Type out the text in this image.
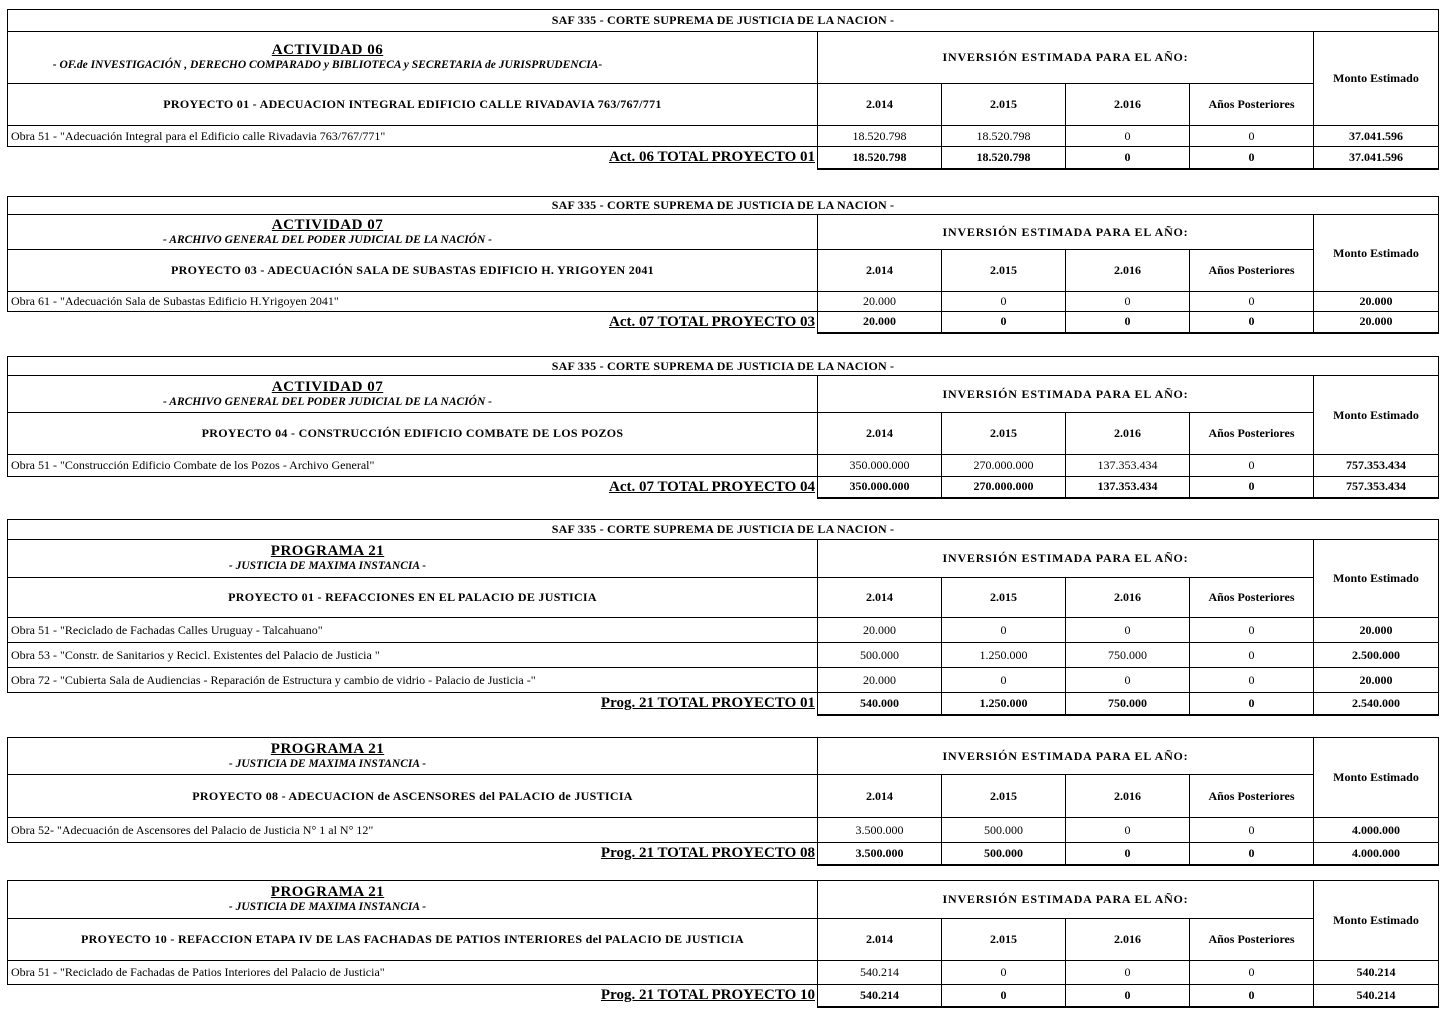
SAF 335 - CORTE SUPREMA DE JUSTICIA DE LA NACION -					

ACTIVIDAD 06
- OF.de INVESTIGACIÓN , DERECHO COMPARADO y BIBLIOTECA y SECRETARIA de JURISPRUDENCIA-	INVERSIÓN ESTIMADA PARA EL AÑO:				Monto Estimado
PROYECTO 01 - ADECUACION INTEGRAL EDIFICIO CALLE RIVADAVIA 763/767/771	2.014	2.015	2.016	Años Posteriores	
Obra 51 - "Adecuación Integral para el Edificio calle Rivadavia 763/767/771"	18.520.798	18.520.798	0	0	37.041.596
Act. 06 TOTAL PROYECTO 01	18.520.798	18.520.798	0	0	37.041.596
SAF 335 - CORTE SUPREMA DE JUSTICIA DE LA NACION -					

ACTIVIDAD 07
- ARCHIVO GENERAL DEL PODER JUDICIAL DE LA NACIÓN -	INVERSIÓN ESTIMADA PARA EL AÑO:				Monto Estimado
PROYECTO 03 - ADECUACIÓN SALA DE SUBASTAS EDIFICIO H. YRIGOYEN 2041	2.014	2.015	2.016	Años Posteriores	
Obra 61 - "Adecuación Sala de Subastas Edificio H.Yrigoyen 2041"	20.000	0	0	0	20.000
Act. 07 TOTAL PROYECTO 03	20.000	0	0	0	20.000
SAF 335 - CORTE SUPREMA DE JUSTICIA DE LA NACION -					

ACTIVIDAD 07
- ARCHIVO GENERAL DEL PODER JUDICIAL DE LA NACIÓN -	INVERSIÓN ESTIMADA PARA EL AÑO:				Monto Estimado
PROYECTO 04 - CONSTRUCCIÓN EDIFICIO COMBATE DE LOS POZOS	2.014	2.015	2.016	Años Posteriores	
Obra 51 - "Construcción Edificio Combate de los Pozos - Archivo General"	350.000.000	270.000.000	137.353.434	0	757.353.434
Act. 07 TOTAL PROYECTO 04	350.000.000	270.000.000	137.353.434	0	757.353.434
SAF 335 - CORTE SUPREMA DE JUSTICIA DE LA NACION -					

PROGRAMA 21
- JUSTICIA DE MAXIMA INSTANCIA -	INVERSIÓN ESTIMADA PARA EL AÑO:				Monto Estimado
PROYECTO 01 - REFACCIONES EN EL PALACIO DE JUSTICIA	2.014	2.015	2.016	Años Posteriores	
Obra 51 - "Reciclado de Fachadas Calles Uruguay - Talcahuano"	20.000	0	0	0	20.000
Obra 53 - "Constr. de Sanitarios y Recicl. Existentes del Palacio de Justicia "	500.000	1.250.000	750.000	0	2.500.000
Obra 72 - "Cubierta Sala de Audiencias - Reparación de Estructura y cambio de vidrio - Palacio de Justicia -"	20.000	0	0	0	20.000
Prog. 21 TOTAL PROYECTO 01	540.000	1.250.000	750.000	0	2.540.000
PROGRAMA 21
- JUSTICIA DE MAXIMA INSTANCIA -	INVERSIÓN ESTIMADA PARA EL AÑO:				Monto Estimado
PROYECTO 08 - ADECUACION de ASCENSORES del PALACIO de JUSTICIA	2.014	2.015	2.016	Años Posteriores	
Obra 52- "Adecuación de Ascensores del Palacio de Justicia N° 1 al N° 12"	3.500.000	500.000	0	0	4.000.000
Prog. 21 TOTAL PROYECTO 08	3.500.000	500.000	0	0	4.000.000
PROGRAMA 21
- JUSTICIA DE MAXIMA INSTANCIA -	INVERSIÓN ESTIMADA PARA EL AÑO:				Monto Estimado
PROYECTO 10 - REFACCION ETAPA IV DE LAS FACHADAS DE PATIOS INTERIORES del PALACIO DE JUSTICIA	2.014	2.015	2.016	Años Posteriores	
Obra 51 - "Reciclado de Fachadas de Patios Interiores del Palacio de Justicia"	540.214	0	0	0	540.214
Prog. 21 TOTAL PROYECTO 10	540.214	0	0	0	540.214
